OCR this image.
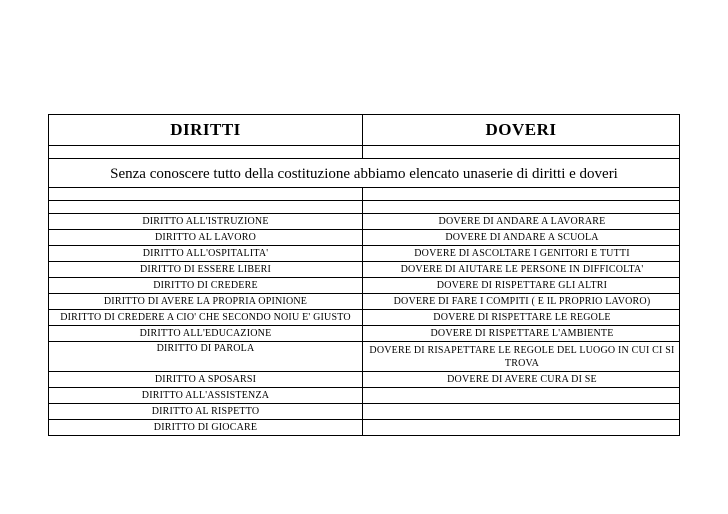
DIRITTI	DOVERI

Senza conoscere tutto della costituzione abbiamo elencato unaserie di diritti e doveri	

DIRITTO ALL'ISTRUZIONE	DOVERE DI ANDARE A LAVORARE
DIRITTO AL LAVORO	DOVERE DI ANDARE A SCUOLA
DIRITTO ALL'OSPITALITA'	DOVERE DI ASCOLTARE I GENITORI E TUTTI
DIRITTO DI ESSERE LIBERI	DOVERE DI AIUTARE LE PERSONE IN DIFFICOLTA'
DIRITTO DI CREDERE	DOVERE DI RISPETTARE GLI ALTRI
DIRITTO DI AVERE LA PROPRIA OPINIONE	DOVERE DI FARE I COMPITI ( E IL PROPRIO LAVORO)
DIRITTO DI CREDERE A CIO' CHE SECONDO NOIU E' GIUSTO	DOVERE DI RISPETTARE LE REGOLE
DIRITTO ALL'EDUCAZIONE	DOVERE DI RISPETTARE L'AMBIENTE
DIRITTO DI PAROLA	DOVERE DI RISAPETTARE LE REGOLE DEL LUOGO IN CUI CI SI TROVA
DIRITTO A SPOSARSI	DOVERE DI AVERE CURA DI SE
DIRITTO ALL'ASSISTENZA	
DIRITTO AL RISPETTO	
DIRITTO DI GIOCARE	
